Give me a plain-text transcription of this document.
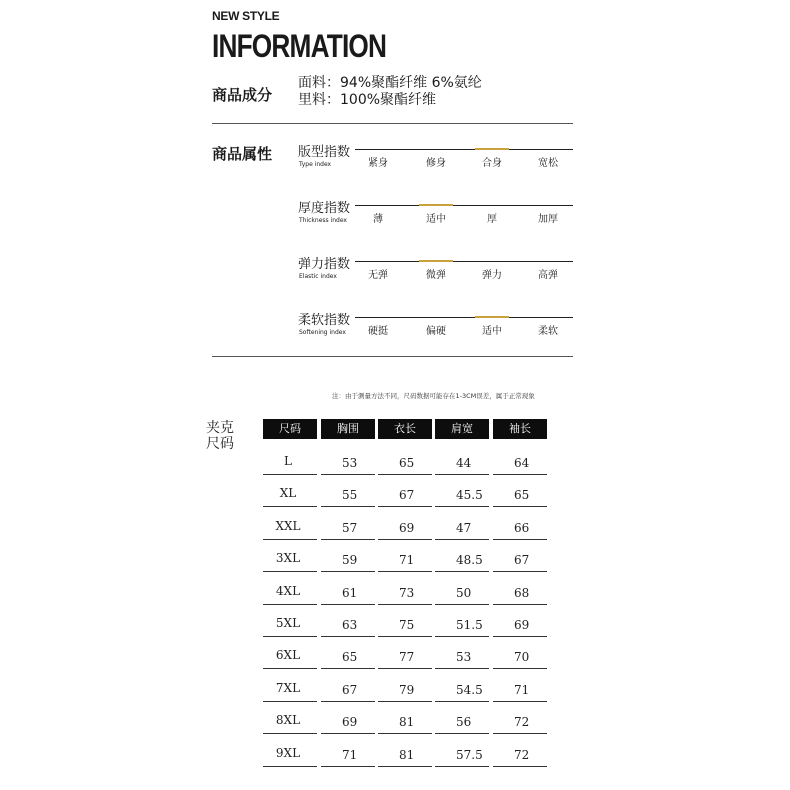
NEW STYLE
INFORMATION
商品成分
面料：94%聚酯纤维 6%氨纶
里料：100%聚酯纤维
商品属性 版型指数
Type index	紧身	修身	合身	宽松
厚度指数
Thickness index	薄	适中	厚	加厚
弹力指数
Elastic index	无弹	微弹	弹力	高弹
柔软指数
Softening index	硬挺	偏硬	适中	柔软
注：由于测量方法不同，尺码数据可能存在1-3CM误差，属于正常现象
夹克
尺码
尺码	胸围	衣长	肩宽	袖长
L	53	65	44	64
XL	55	67	45.5	65
XXL	57	69	47	66
3XL	59	71	48.5	67
4XL	61	73	50	68
5XL	63	75	51.5	69
6XL	65	77	53	70
7XL	67	79	54.5	71
8XL	69	81	56	72
9XL	71	81	57.5	72
